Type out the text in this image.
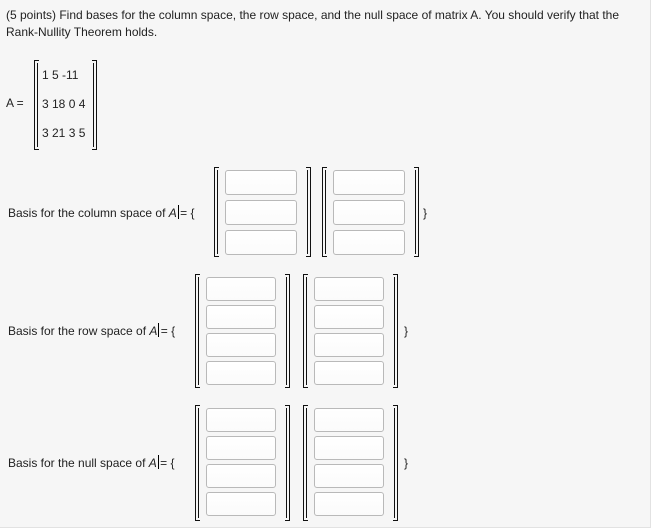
(5 points) Find bases for the column space, the row space, and the null space of matrix A. You should verify that the Rank-Nullity Theorem holds.
A =
1 5 -11
3 18 0 4
3 21 3 5
Basis for the column space of A = {	}
Basis for the row space of A = {	}
Basis for the null space of A = {	}
